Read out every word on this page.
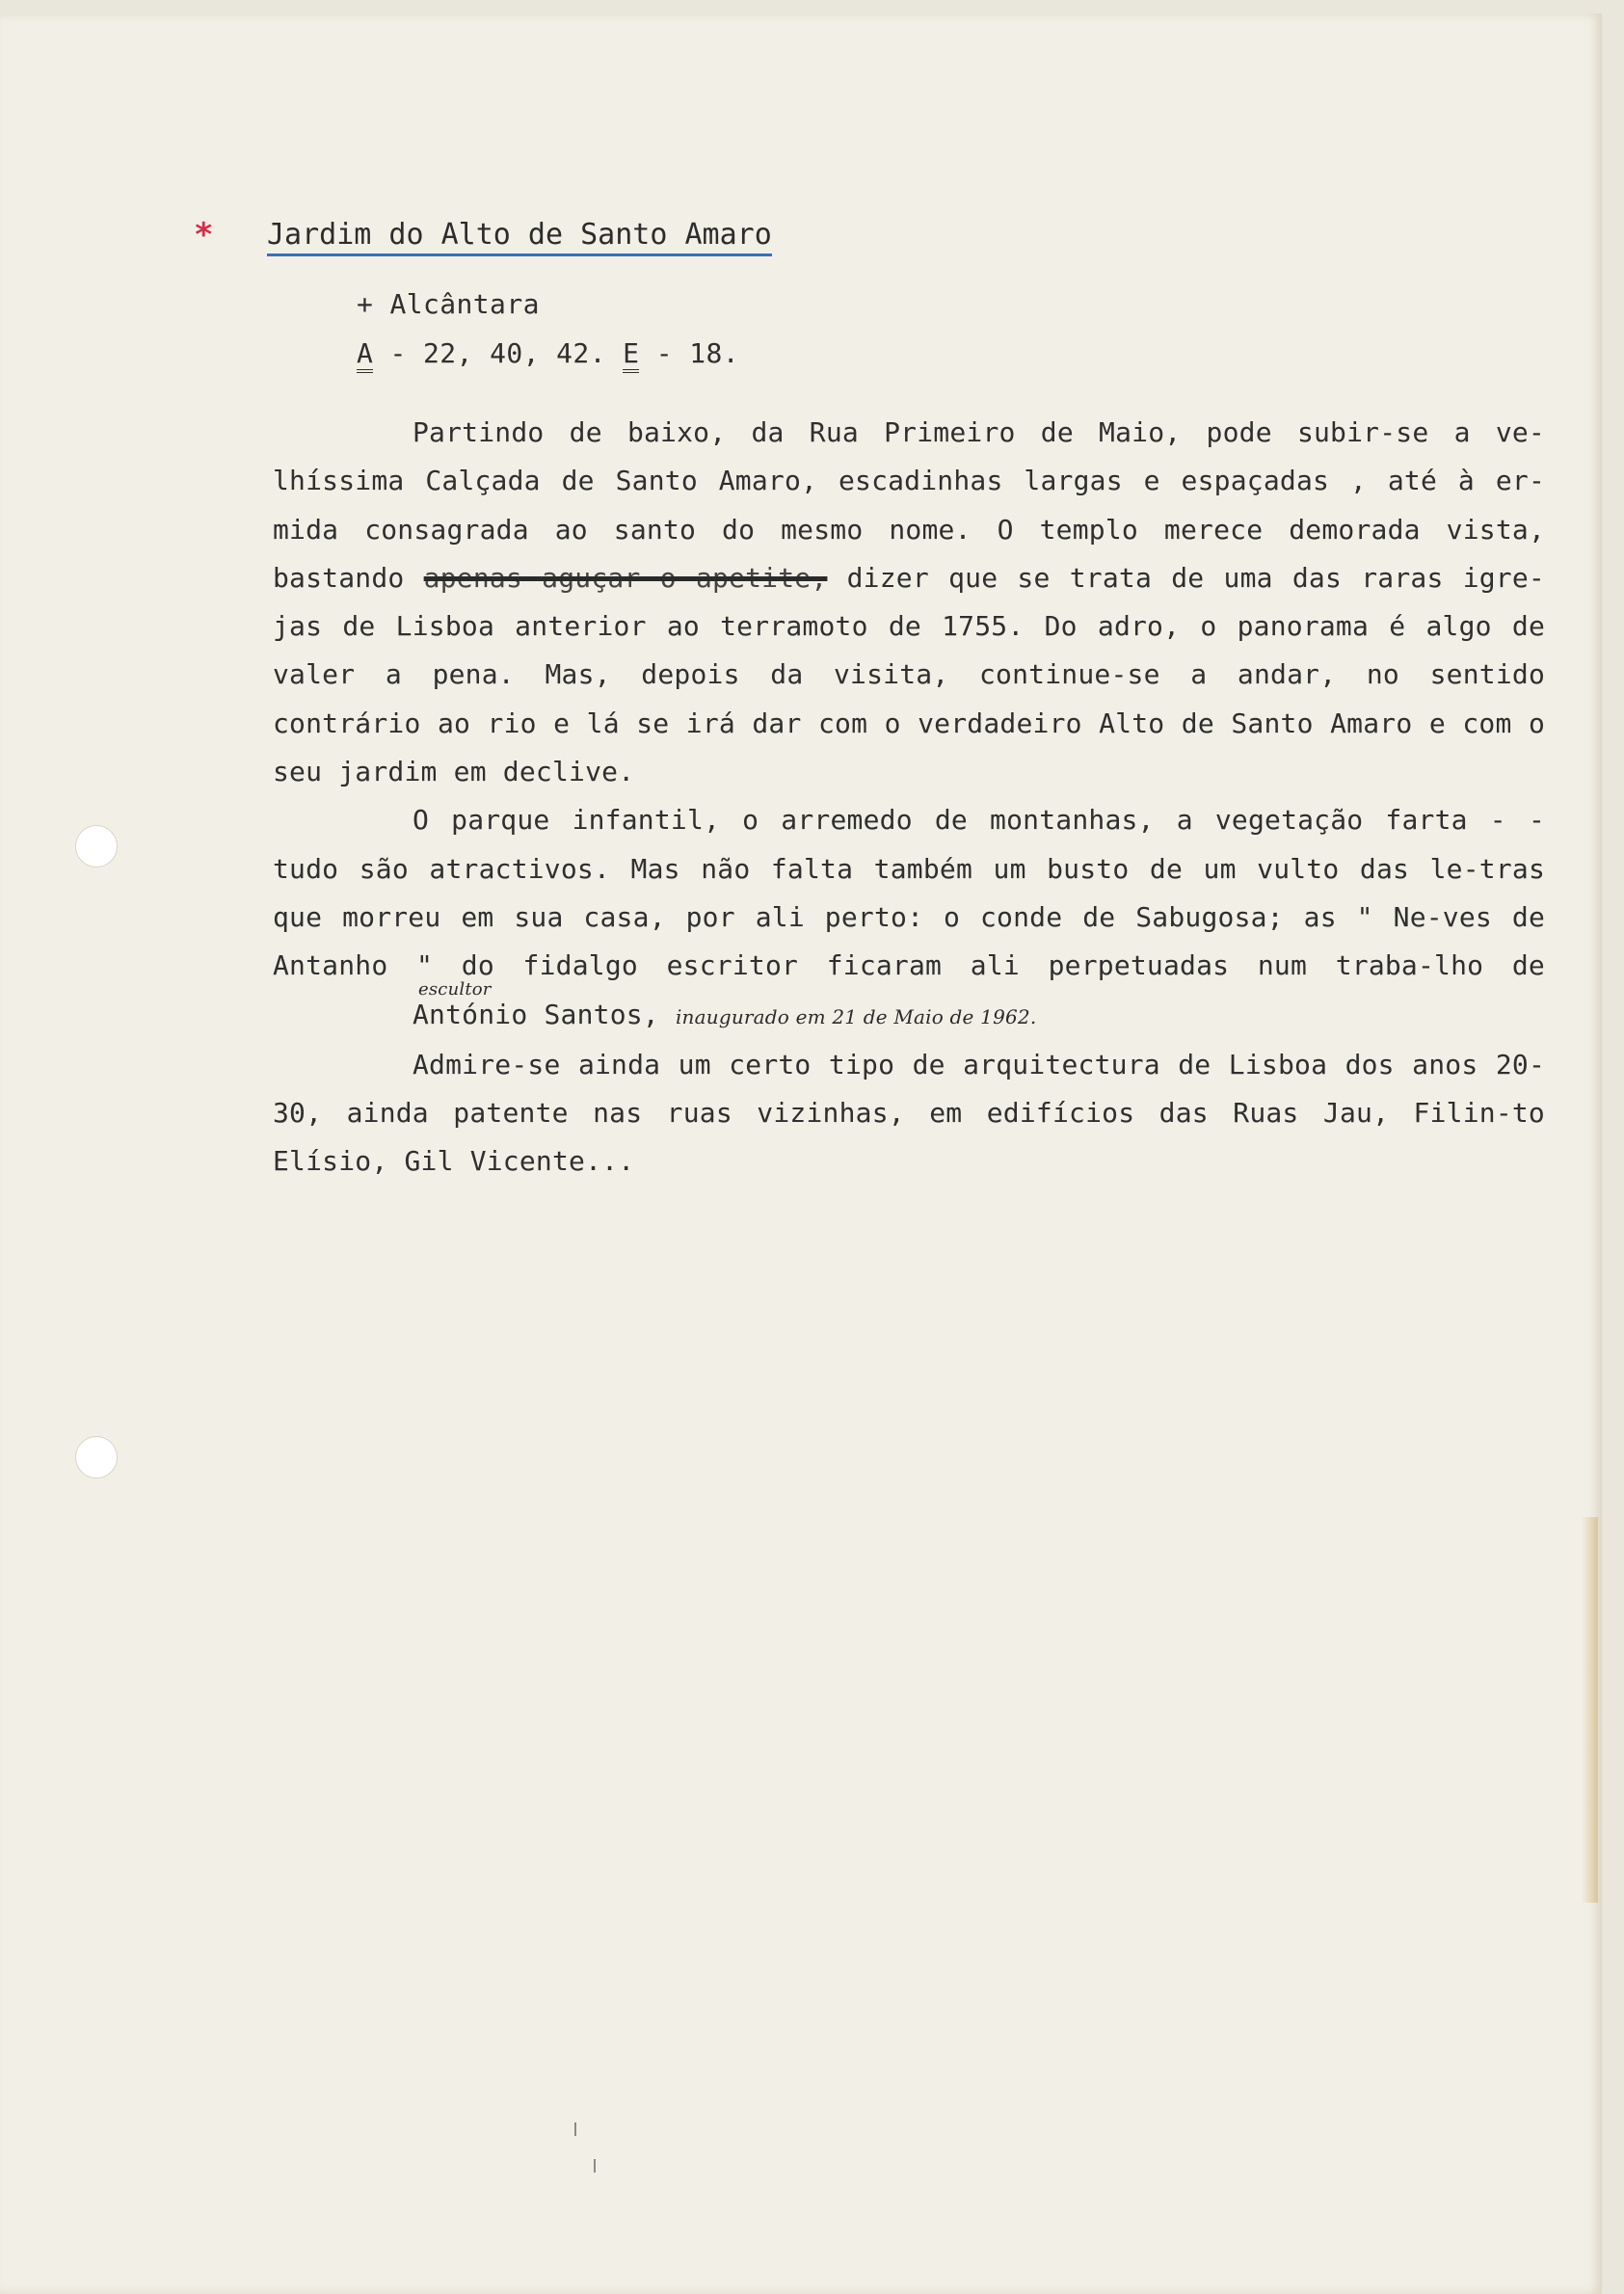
* Jardim do Alto de Santo Amaro
+ Alcântara
A - 22, 40, 42. E - 18.

Partindo de baixo, da Rua Primeiro de Maio, pode subir-se a ve-lhíssima Calçada de Santo Amaro, escadinhas largas e espaçadas , até à er-mida consagrada ao santo do mesmo nome. O templo merece demorada vista, bastando apenas aguçar o apetite, dizer que se trata de uma das raras igre-jas de Lisboa anterior ao terramoto de 1755. Do adro, o panorama é algo de valer a pena. Mas, depois da visita, continue-se a andar, no sentido contrário ao rio e lá se irá dar com o verdadeiro Alto de Santo Amaro e com o seu jardim em declive.

O parque infantil, o arremedo de montanhas, a vegetação farta - - tudo são atractivos. Mas não falta também um busto de um vulto das le-tras que morreu em sua casa, por ali perto: o conde de Sabugosa; as " Ne-ves de Antanho " do fidalgo escritor ficaram ali perpetuadas num traba-lho de
escultor
António Santos, inaugurado em 21 de Maio de 1962.

Admire-se ainda um certo tipo de arquitectura de Lisboa dos anos 20-30, ainda patente nas ruas vizinhas, em edifícios das Ruas Jau, Filin-to Elísio, Gil Vicente...
